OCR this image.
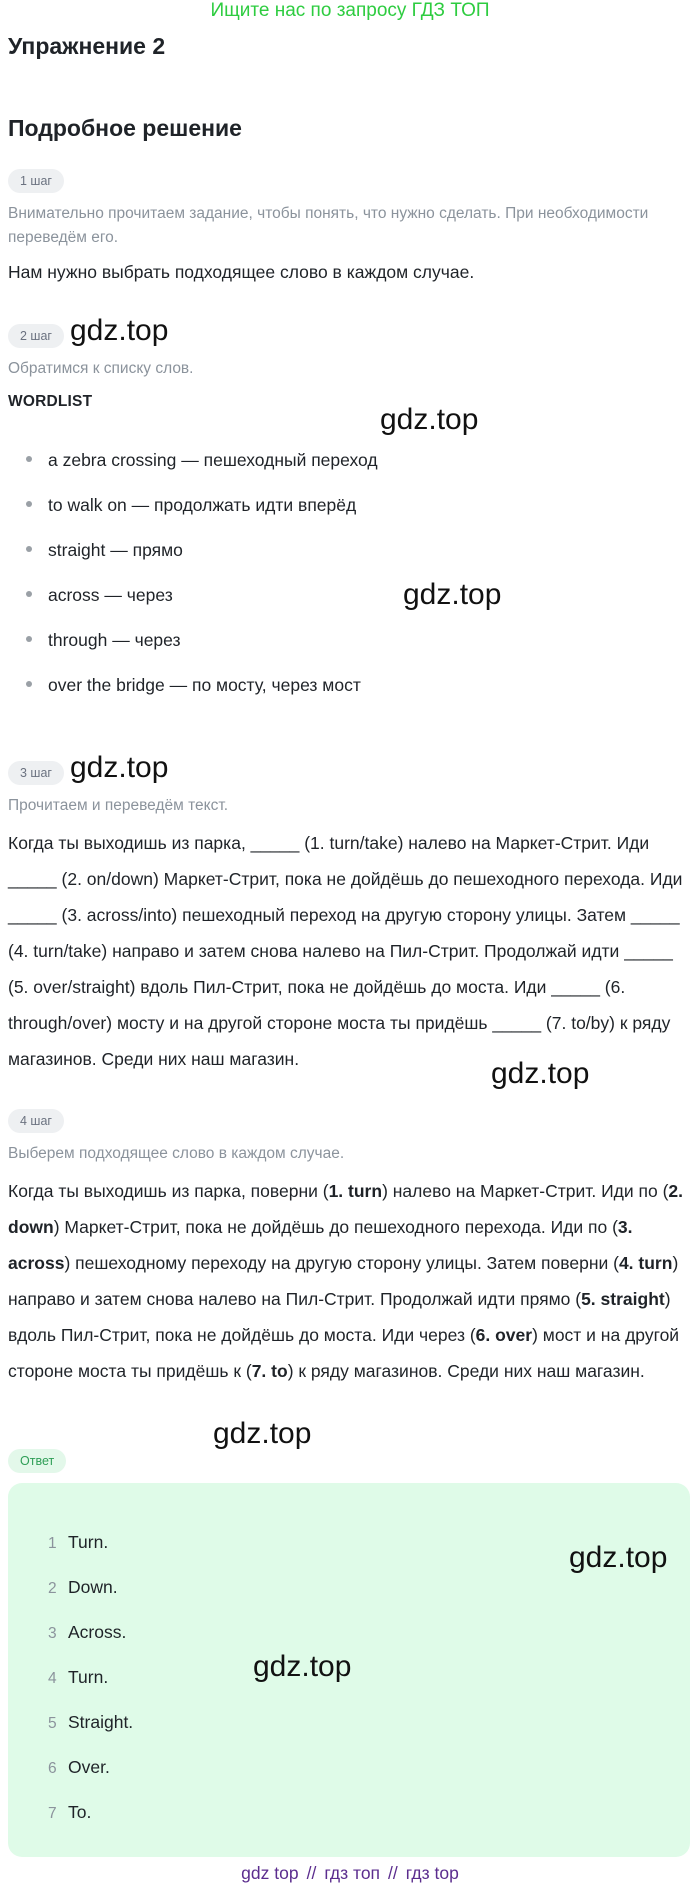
Ищите нас по запросу ГДЗ ТОП
Упражнение 2
Подробное решение
1 шаг
Внимательно прочитаем задание, чтобы понять, что нужно сделать. При необходимости переведём его.
Нам нужно выбрать подходящее слово в каждом случае.
2 шаг gdz.top
Обратимся к списку слов.
WORDLIST
gdz.top
a zebra crossing — пешеходный переход
to walk on — продолжать идти вперёд
straight — прямо
across — через	gdz.top
through — через
over the bridge — по мосту, через мост
3 шаг gdz.top
Прочитаем и переведём текст.
Когда ты выходишь из парка, _____ (1. turn/take) налево на Маркет-Стрит. Иди _____ (2. on/down) Маркет-Стрит, пока не дойдёшь до пешеходного перехода. Иди _____ (3. across/into) пешеходный переход на другую сторону улицы. Затем _____ (4. turn/take) направо и затем снова налево на Пил-Стрит. Продолжай идти _____ (5. over/straight) вдоль Пил-Стрит, пока не дойдёшь до моста. Иди _____ (6. through/over) мосту и на другой стороне моста ты придёшь _____ (7. to/by) к ряду магазинов. Среди них наш магазин.	gdz.top
4 шаг
Выберем подходящее слово в каждом случае.
Когда ты выходишь из парка, поверни (1. turn) налево на Маркет-Стрит. Иди по (2. down) Маркет-Стрит, пока не дойдёшь до пешеходного перехода. Иди по (3. across) пешеходному переходу на другую сторону улицы. Затем поверни (4. turn) направо и затем снова налево на Пил-Стрит. Продолжай идти прямо (5. straight) вдоль Пил-Стрит, пока не дойдёшь до моста. Иди через (6. over) мост и на другой стороне моста ты придёшь к (7. to) к ряду магазинов. Среди них наш магазин.
gdz.top
Ответ
gdz.top
gdz.top
1 Turn.
2 Down.
3 Across.
4 Turn.
5 Straight.
6 Over.
7 To.
gdz top // гдз топ // гдз top
